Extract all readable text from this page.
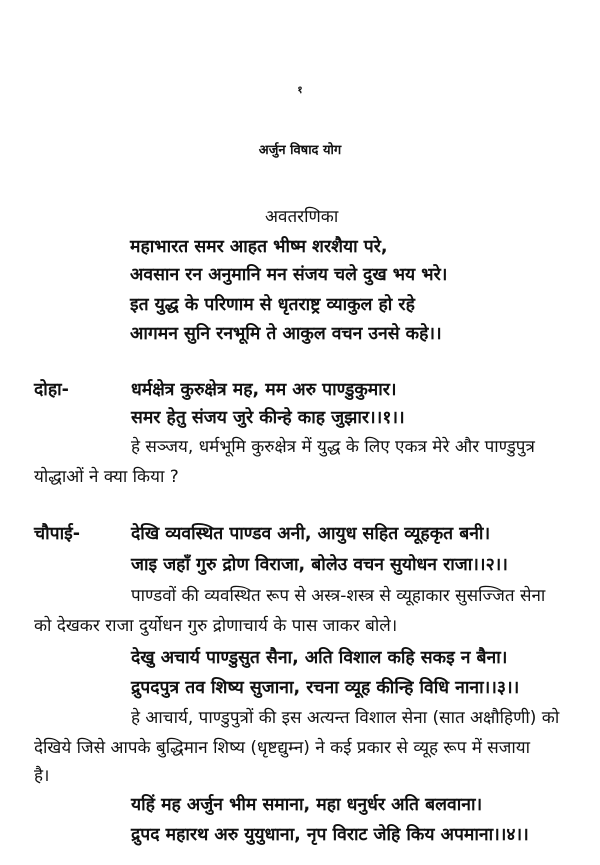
१
अर्जुन विषाद योग
अवतरणिका
महाभारत समर आहत भीष्म शरशैया परे,
अवसान रन अनुमानि मन संजय चले दुख भय भरे।
इत युद्ध के परिणाम से धृतराष्ट्र व्याकुल हो रहे
आगमन सुनि रनभूमि ते आकुल वचन उनसे कहे।।
दोहा-	धर्मक्षेत्र कुरुक्षेत्र मह, मम अरु पाण्डुकुमार।
समर हेतु संजय जुरे कीन्हे काह जुझार।।१।।
हे सञ्जय, धर्मभूमि कुरुक्षेत्र में युद्ध के लिए एकत्र मेरे और पाण्डुपुत्र
योद्धाओं ने क्या किया ?
चौपाई-	देखि व्यवस्थित पाण्डव अनी, आयुध सहित व्यूहकृत बनी।
जाइ जहाँ गुरु द्रोण विराजा, बोलेउ वचन सुयोधन राजा।।२।।
पाण्डवों की व्यवस्थित रूप से अस्त्र-शस्त्र से व्यूहाकार सुसज्जित सेना
को देखकर राजा दुर्योधन गुरु द्रोणाचार्य के पास जाकर बोले।
देखु अचार्य पाण्डुसुत सैना, अति विशाल कहि सकइ न बैना।
द्रुपदपुत्र तव शिष्य सुजाना, रचना व्यूह कीन्हि विधि नाना।।३।।
हे आचार्य, पाण्डुपुत्रों की इस अत्यन्त विशाल सेना (सात अक्षौहिणी) को
देखिये जिसे आपके बुद्धिमान शिष्य (धृष्टद्युम्न) ने कई प्रकार से व्यूह रूप में सजाया
है।
यहिं मह अर्जुन भीम समाना, महा धनुर्धर अति बलवाना।
द्रुपद महारथ अरु युयुधाना, नृप विराट जेहि किय अपमाना।।४।।
